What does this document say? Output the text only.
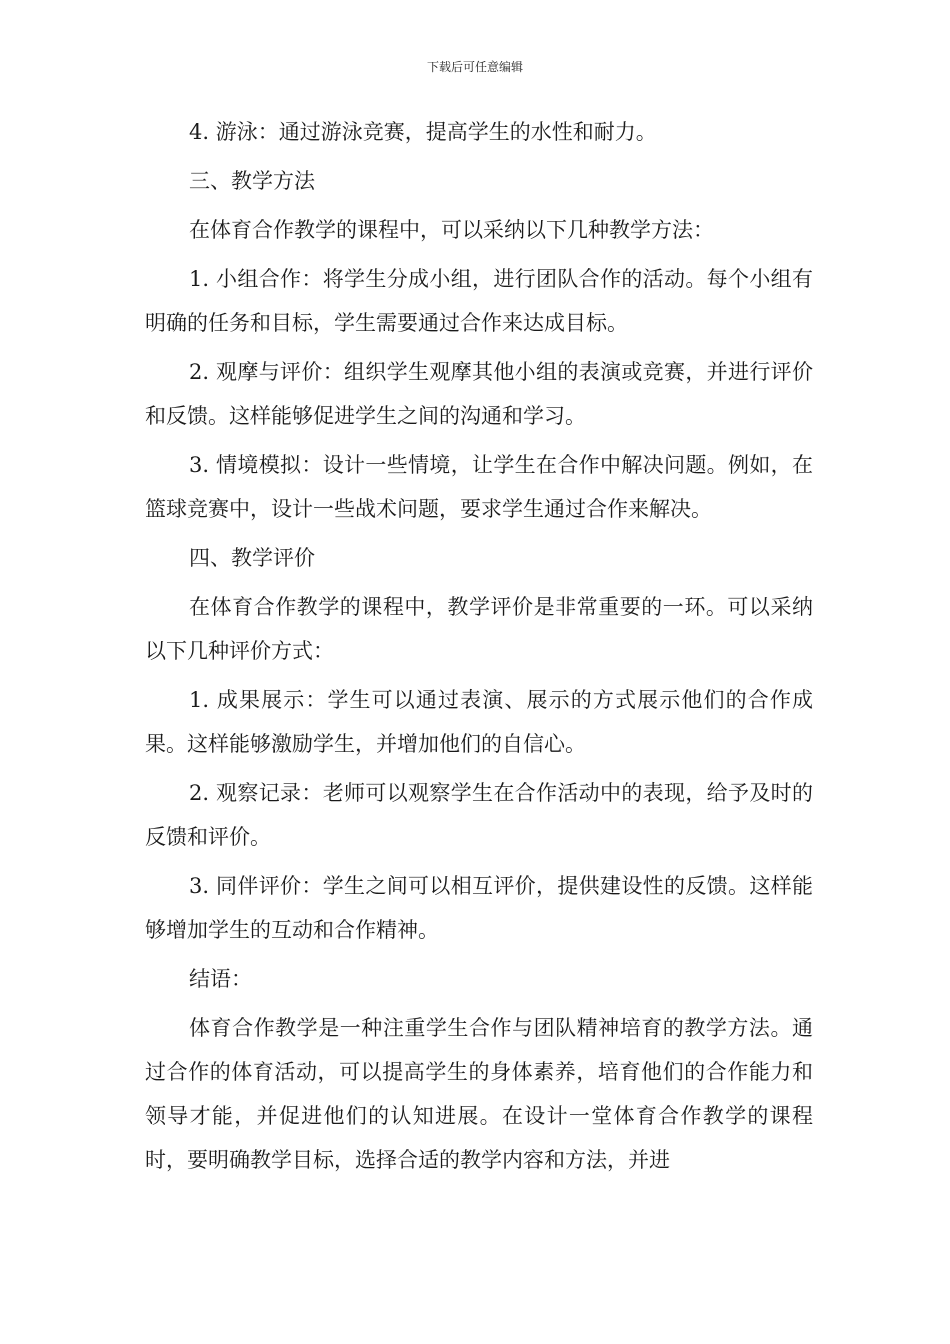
下载后可任意编辑

4. 游泳：通过游泳竞赛，提高学生的水性和耐力。

三、教学方法

在体育合作教学的课程中，可以采纳以下几种教学方法：

1. 小组合作：将学生分成小组，进行团队合作的活动。每个小组有明确的任务和目标，学生需要通过合作来达成目标。

2. 观摩与评价：组织学生观摩其他小组的表演或竞赛，并进行评价和反馈。这样能够促进学生之间的沟通和学习。

3. 情境模拟：设计一些情境，让学生在合作中解决问题。例如，在篮球竞赛中，设计一些战术问题，要求学生通过合作来解决。

四、教学评价

在体育合作教学的课程中，教学评价是非常重要的一环。可以采纳以下几种评价方式：

1. 成果展示：学生可以通过表演、展示的方式展示他们的合作成果。这样能够激励学生，并增加他们的自信心。

2. 观察记录：老师可以观察学生在合作活动中的表现，给予及时的反馈和评价。

3. 同伴评价：学生之间可以相互评价，提供建设性的反馈。这样能够增加学生的互动和合作精神。

结语：

体育合作教学是一种注重学生合作与团队精神培育的教学方法。通过合作的体育活动，可以提高学生的身体素养，培育他们的合作能力和领导才能，并促进他们的认知进展。在设计一堂体育合作教学的课程时，要明确教学目标，选择合适的教学内容和方法，并进
